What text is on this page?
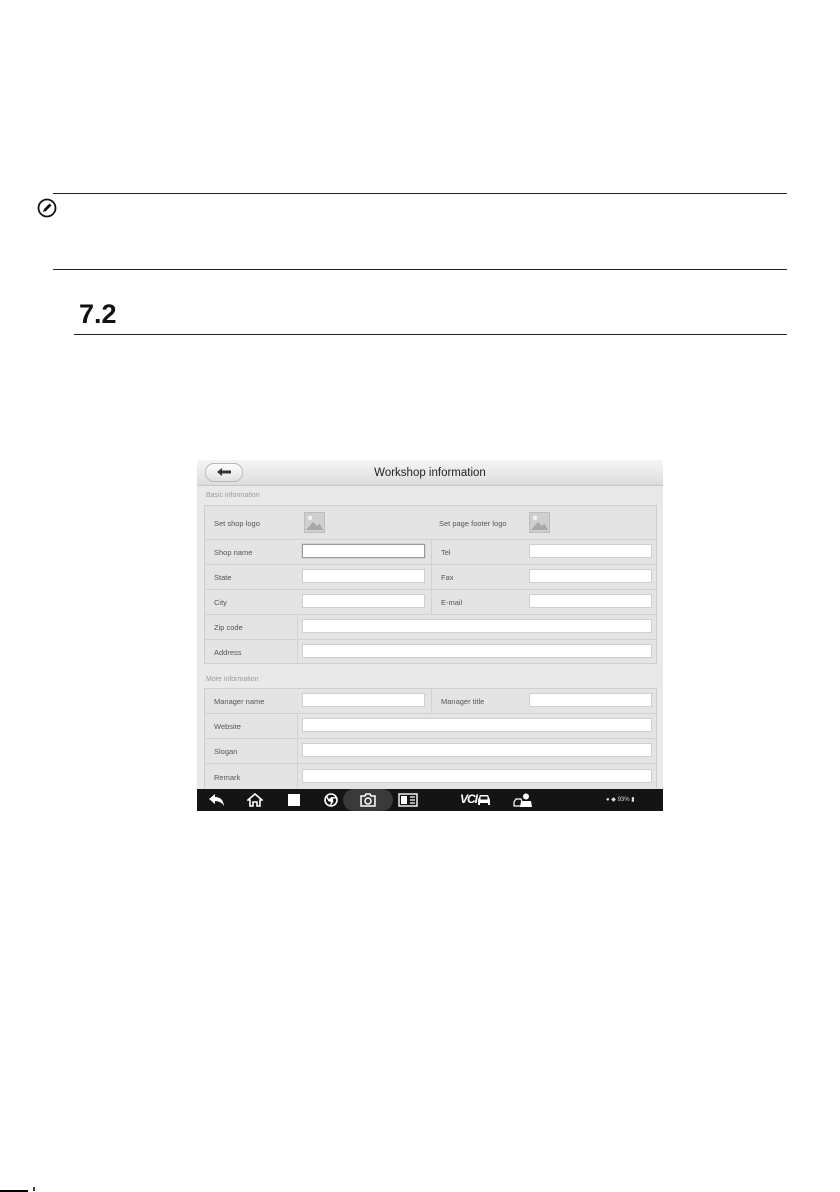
7.2
Workshop information
Basic information
Set shop logo	Set page footer logo
Shop name	Tel
State	Fax
City	E-mail
Zip code
Address
More information
Manager name	Manager title
Website
Slogan
Remark
VCI	● ◆ 93% ▮
